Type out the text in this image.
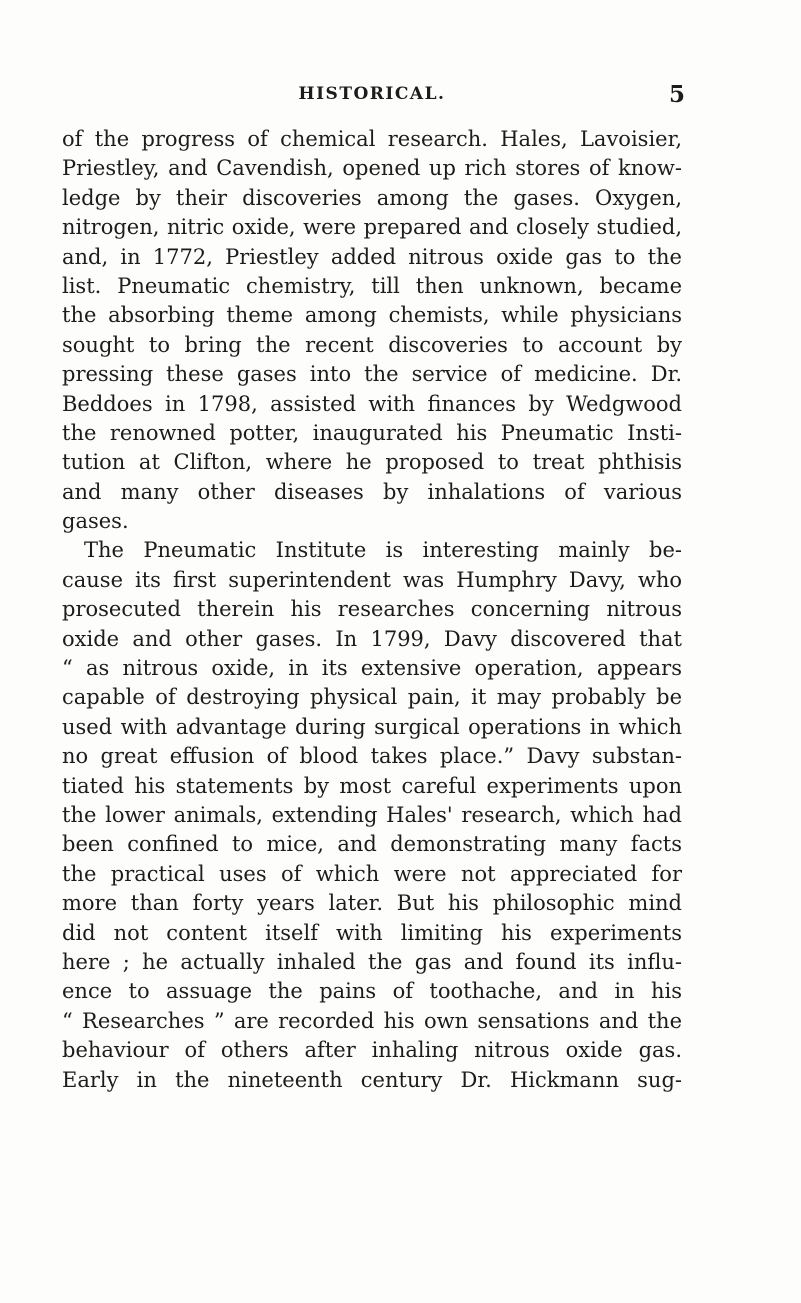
HISTORICAL.	5
of the progress of chemical research. Hales, Lavoisier,
Priestley, and Cavendish, opened up rich stores of know-
ledge by their discoveries among the gases. Oxygen,
nitrogen, nitric oxide, were prepared and closely studied,
and, in 1772, Priestley added nitrous oxide gas to the
list. Pneumatic chemistry, till then unknown, became
the absorbing theme among chemists, while physicians
sought to bring the recent discoveries to account by
pressing these gases into the service of medicine. Dr.
Beddoes in 1798, assisted with finances by Wedgwood
the renowned potter, inaugurated his Pneumatic Insti-
tution at Clifton, where he proposed to treat phthisis
and many other diseases by inhalations of various
gases.
The Pneumatic Institute is interesting mainly be-
cause its first superintendent was Humphry Davy, who
prosecuted therein his researches concerning nitrous
oxide and other gases. In 1799, Davy discovered that
“ as nitrous oxide, in its extensive operation, appears
capable of destroying physical pain, it may probably be
used with advantage during surgical operations in which
no great effusion of blood takes place.” Davy substan-
tiated his statements by most careful experiments upon
the lower animals, extending Hales' research, which had
been confined to mice, and demonstrating many facts
the practical uses of which were not appreciated for
more than forty years later. But his philosophic mind
did not content itself with limiting his experiments
here ; he actually inhaled the gas and found its influ-
ence to assuage the pains of toothache, and in his
“ Researches ” are recorded his own sensations and the
behaviour of others after inhaling nitrous oxide gas.
Early in the nineteenth century Dr. Hickmann sug-
